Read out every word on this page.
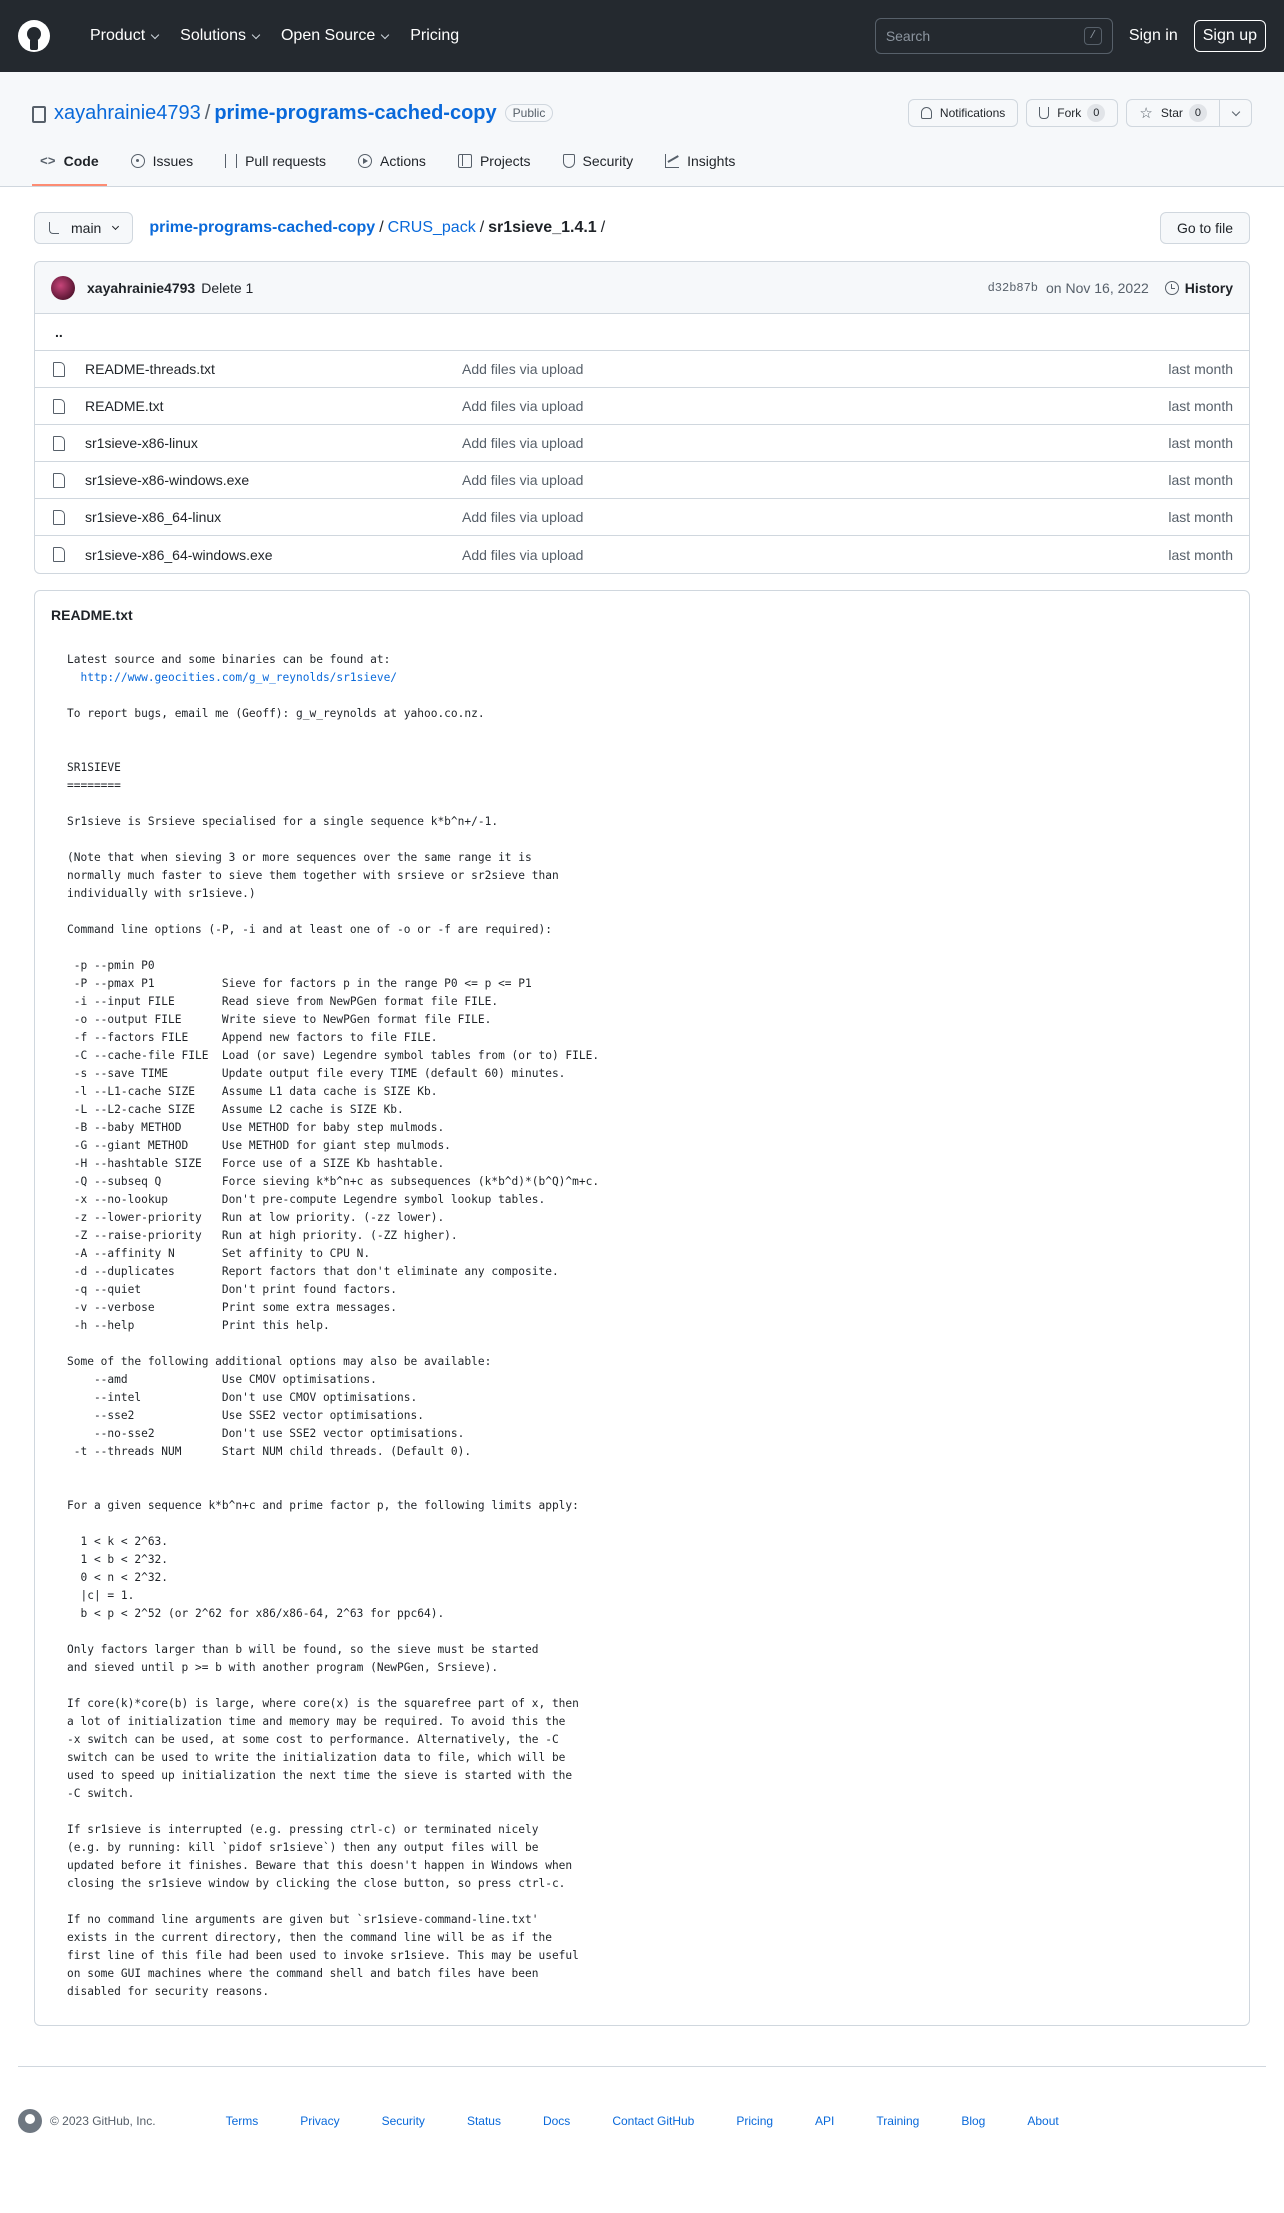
Product Solutions Open Source Pricing	Search	/	Sign in	Sign up
xayahrainie4793 / prime-programs-cached-copy	Public	Notifications	Fork	0	☆ Star	0
<> Code	Issues	Pull requests	Actions	Projects	Security	Insights
main	prime-programs-cached-copy / CRUS_pack / sr1sieve_1.4.1 /	Go to file
xayahrainie4793 Delete 1	d32b87b on Nov 16, 2022	History
..
README-threads.txt	Add files via upload	last month
README.txt	Add files via upload	last month
sr1sieve-x86-linux	Add files via upload	last month
sr1sieve-x86-windows.exe	Add files via upload	last month
sr1sieve-x86_64-linux	Add files via upload	last month
sr1sieve-x86_64-windows.exe	Add files via upload	last month
README.txt
Latest source and some binaries can be found at:
http://www.geocities.com/g_w_reynolds/sr1sieve/

To report bugs, email me (Geoff): g_w_reynolds at yahoo.co.nz.

SR1SIEVE
========

Sr1sieve is Srsieve specialised for a single sequence k*b^n+/-1.

(Note that when sieving 3 or more sequences over the same range it is
normally much faster to sieve them together with srsieve or sr2sieve than
individually with sr1sieve.)

Command line options (-P, -i and at least one of -o or -f are required):

-p --pmin P0
-P --pmax P1          Sieve for factors p in the range P0 <= p <= P1
-i --input FILE       Read sieve from NewPGen format file FILE.
-o --output FILE      Write sieve to NewPGen format file FILE.
-f --factors FILE     Append new factors to file FILE.
-C --cache-file FILE  Load (or save) Legendre symbol tables from (or to) FILE.
-s --save TIME        Update output file every TIME (default 60) minutes.
-l --L1-cache SIZE    Assume L1 data cache is SIZE Kb.
-L --L2-cache SIZE    Assume L2 cache is SIZE Kb.
-B --baby METHOD      Use METHOD for baby step mulmods.
-G --giant METHOD     Use METHOD for giant step mulmods.
-H --hashtable SIZE   Force use of a SIZE Kb hashtable.
-Q --subseq Q         Force sieving k*b^n+c as subsequences (k*b^d)*(b^Q)^m+c.
-x --no-lookup        Don't pre-compute Legendre symbol lookup tables.
-z --lower-priority   Run at low priority. (-zz lower).
-Z --raise-priority   Run at high priority. (-ZZ higher).
-A --affinity N       Set affinity to CPU N.
-d --duplicates       Report factors that don't eliminate any composite.
-q --quiet            Don't print found factors.
-v --verbose          Print some extra messages.
-h --help             Print this help.

Some of the following additional options may also be available:
--amd              Use CMOV optimisations.
--intel            Don't use CMOV optimisations.
--sse2             Use SSE2 vector optimisations.
--no-sse2          Don't use SSE2 vector optimisations.
-t --threads NUM      Start NUM child threads. (Default 0).

For a given sequence k*b^n+c and prime factor p, the following limits apply:

1 < k < 2^63.
1 < b < 2^32.
0 < n < 2^32.
|c| = 1.
b < p < 2^52 (or 2^62 for x86/x86-64, 2^63 for ppc64).

Only factors larger than b will be found, so the sieve must be started
and sieved until p >= b with another program (NewPGen, Srsieve).

If core(k)*core(b) is large, where core(x) is the squarefree part of x, then
a lot of initialization time and memory may be required. To avoid this the
-x switch can be used, at some cost to performance. Alternatively, the -C
switch can be used to write the initialization data to file, which will be
used to speed up initialization the next time the sieve is started with the
-C switch.

If sr1sieve is interrupted (e.g. pressing ctrl-c) or terminated nicely
(e.g. by running: kill `pidof sr1sieve`) then any output files will be
updated before it finishes. Beware that this doesn't happen in Windows when
closing the sr1sieve window by clicking the close button, so press ctrl-c.

If no command line arguments are given but `sr1sieve-command-line.txt'
exists in the current directory, then the command line will be as if the
first line of this file had been used to invoke sr1sieve. This may be useful
on some GUI machines where the command shell and batch files have been
disabled for security reasons.
© 2023 GitHub, Inc.	Terms	Privacy	Security	Status	Docs	Contact GitHub	Pricing	API	Training	Blog	About
